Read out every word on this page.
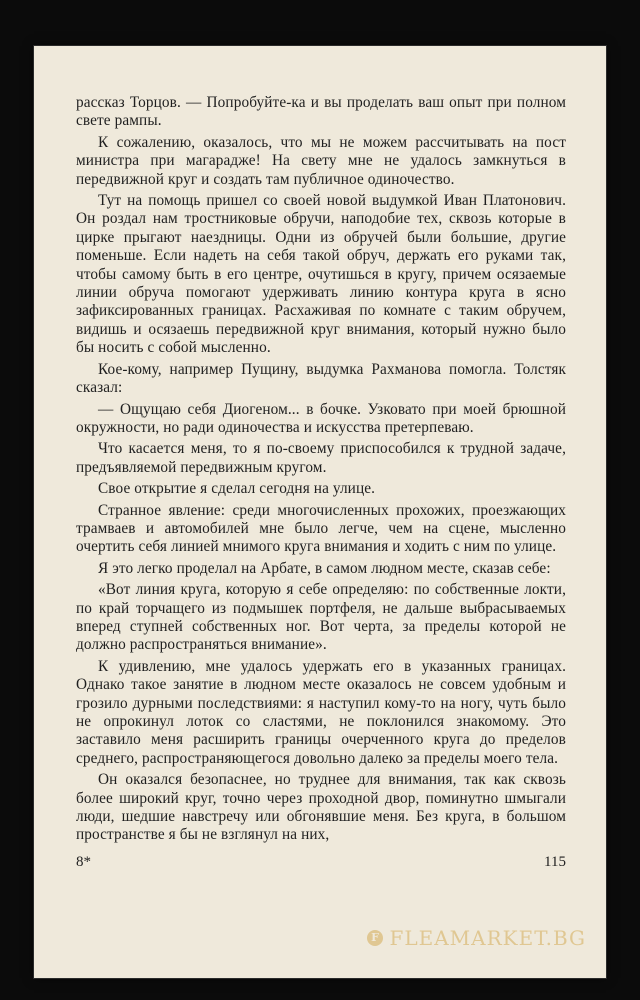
рассказ Торцов. — Попробуйте-ка и вы проделать ваш опыт при полном свете рампы.

К сожалению, оказалось, что мы не можем рассчитывать на пост министра при магарадже! На свету мне не удалось замкнуться в передвижной круг и создать там публичное одиночество.

Тут на помощь пришел со своей новой выдумкой Иван Платонович. Он роздал нам тростниковые обручи, наподобие тех, сквозь которые в цирке прыгают наездницы. Одни из обручей были большие, другие поменьше. Если надеть на себя такой обруч, держать его руками так, чтобы самому быть в его центре, очутишься в кругу, причем осязаемые линии обруча помогают удерживать линию контура круга в ясно зафиксированных границах. Расхаживая по комнате с таким обручем, видишь и осязаешь передвижной круг внимания, который нужно было бы носить с собой мысленно.

Кое-кому, например Пущину, выдумка Рахманова помогла. Толстяк сказал:

— Ощущаю себя Диогеном... в бочке. Узковато при моей брюшной окружности, но ради одиночества и искусства претерпеваю.

Что касается меня, то я по-своему приспособился к трудной задаче, предъявляемой передвижным кругом.

Свое открытие я сделал сегодня на улице.

Странное явление: среди многочисленных прохожих, проезжающих трамваев и автомобилей мне было легче, чем на сцене, мысленно очертить себя линией мнимого круга внимания и ходить с ним по улице.

Я это легко проделал на Арбате, в самом людном месте, сказав себе:

«Вот линия круга, которую я себе определяю: по собственные локти, по край торчащего из подмышек портфеля, не дальше выбрасываемых вперед ступней собственных ног. Вот черта, за пределы которой не должно распространяться внимание».

К удивлению, мне удалось удержать его в указанных границах. Однако такое занятие в людном месте оказалось не совсем удобным и грозило дурными последствиями: я наступил кому-то на ногу, чуть было не опрокинул лоток со сластями, не поклонился знакомому. Это заставило меня расширить границы очерченного круга до пределов среднего, распространяющегося довольно далеко за пределы моего тела.

Он оказался безопаснее, но труднее для внимания, так как сквозь более широкий круг, точно через проходной двор, поминутно шмыгали люди, шедшие навстречу или обгонявшие меня. Без круга, в большом пространстве я бы не взглянул на них,

8*	115
F FLEAMARKET.BG
